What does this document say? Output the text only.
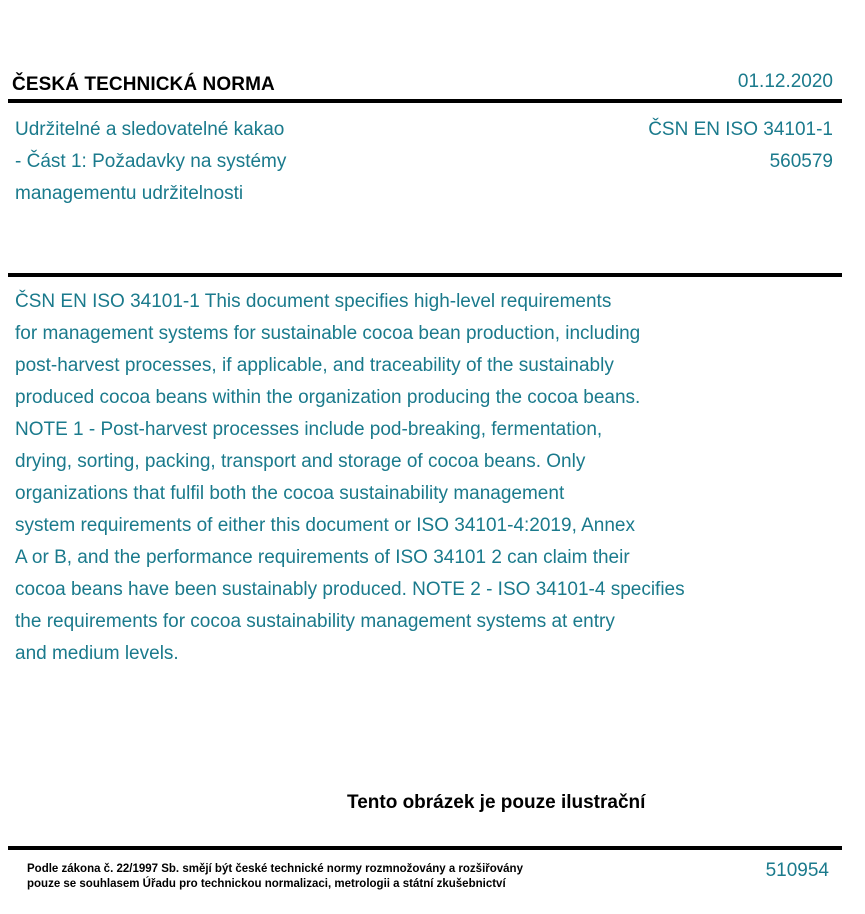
ČESKÁ TECHNICKÁ NORMA	01.12.2020
Udržitelné a sledovatelné kakao
- Část 1: Požadavky na systémy
managementu udržitelnosti
ČSN EN ISO 34101-1
560579
ČSN EN ISO 34101-1 This document specifies high-level requirements
for management systems for sustainable cocoa bean production, including
post-harvest processes, if applicable, and traceability of the sustainably
produced cocoa beans within the organization producing the cocoa beans.
NOTE 1 - Post-harvest processes include pod-breaking, fermentation,
drying, sorting, packing, transport and storage of cocoa beans. Only
organizations that fulfil both the cocoa sustainability management
system requirements of either this document or ISO 34101-4:2019, Annex
A or B, and the performance requirements of ISO 34101 2 can claim their
cocoa beans have been sustainably produced. NOTE 2 - ISO 34101-4 specifies
the requirements for cocoa sustainability management systems at entry
and medium levels.
Tento obrázek je pouze ilustrační
Podle zákona č. 22/1997 Sb. smějí být české technické normy rozmnožovány a rozšiřovány
pouze se souhlasem Úřadu pro technickou normalizaci, metrologii a státní zkušebnictví
510954
